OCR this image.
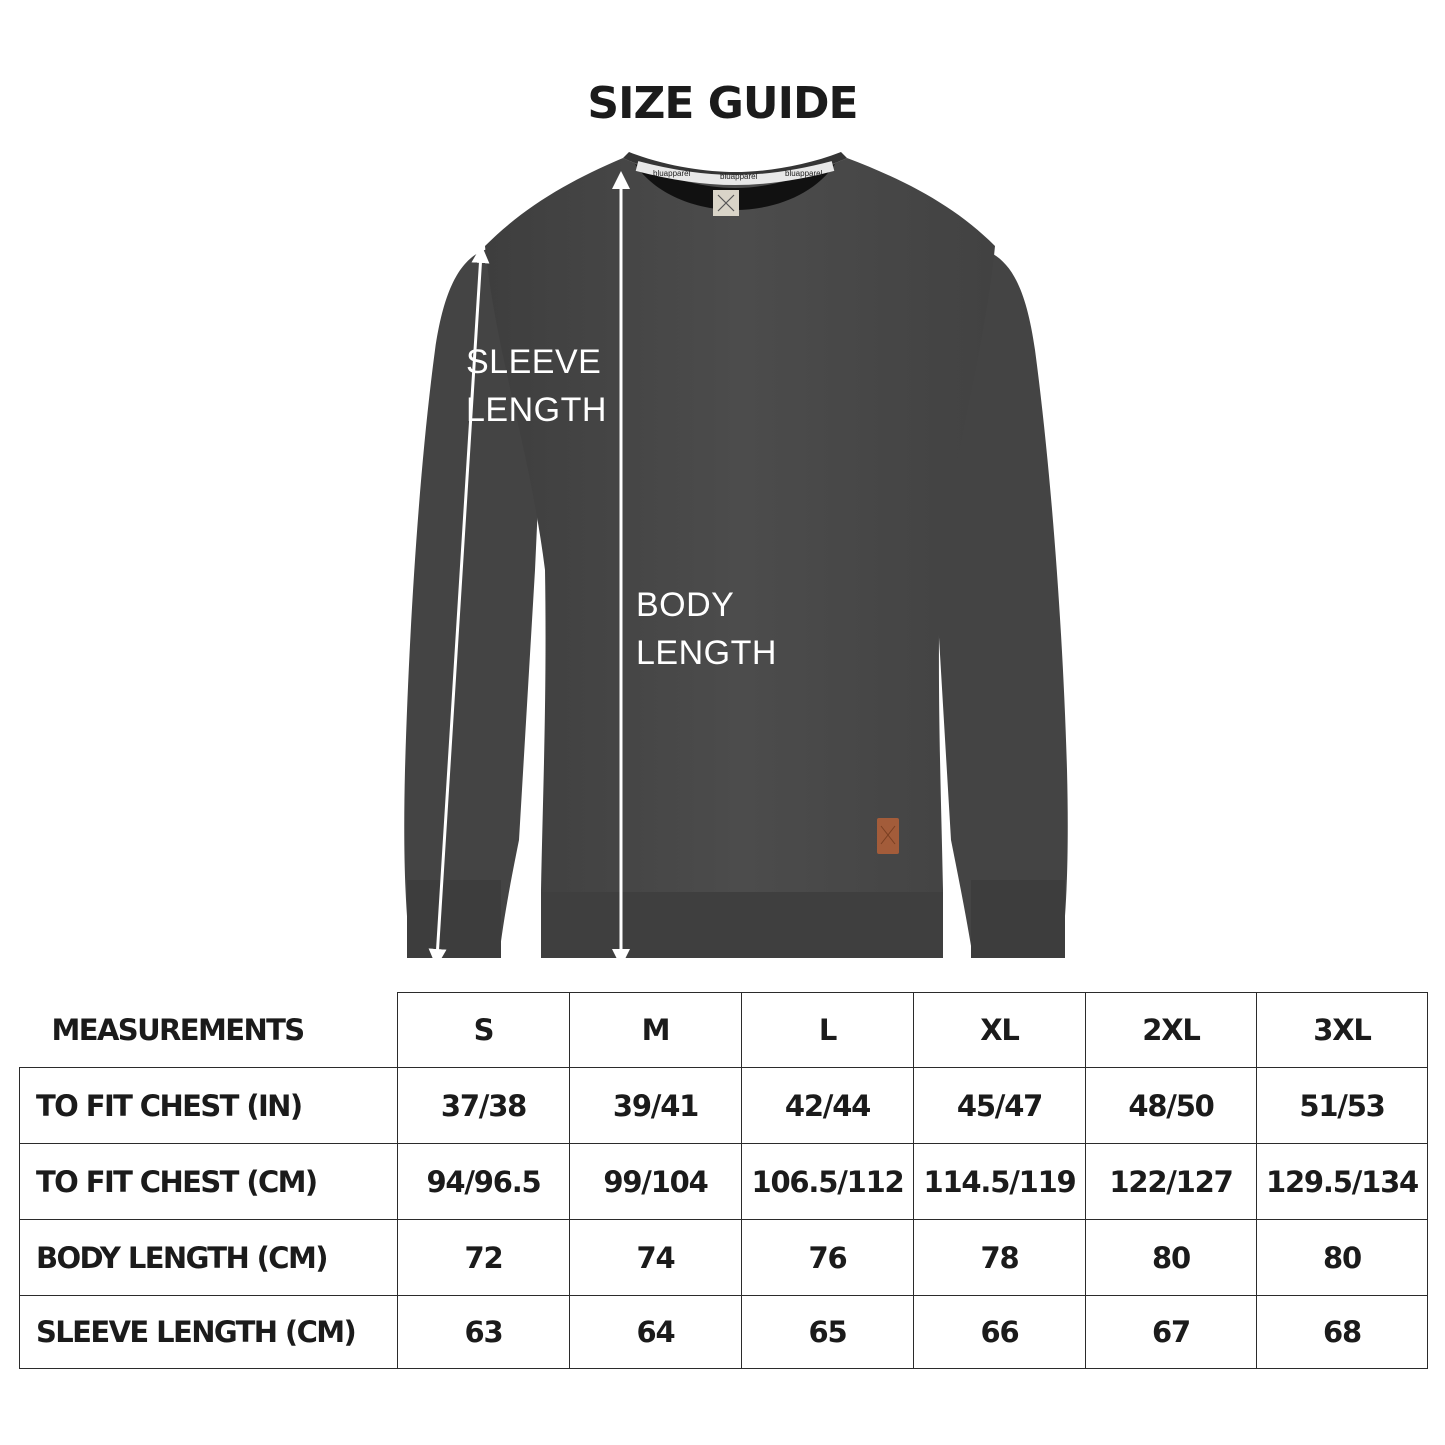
SIZE GUIDE
bluapparel	bluapparel	bluapparel

SLEEVE
LENGTH

BODY
LENGTH

MEASUREMENTS	S	M	L	XL	2XL	3XL
TO FIT CHEST (IN)	37/38	39/41	42/44	45/47	48/50	51/53
TO FIT CHEST (CM)	94/96.5	99/104	106.5/112	114.5/119	122/127	129.5/134
BODY LENGTH (CM)	72	74	76	78	80	80
SLEEVE LENGTH (CM)	63	64	65	66	67	68
